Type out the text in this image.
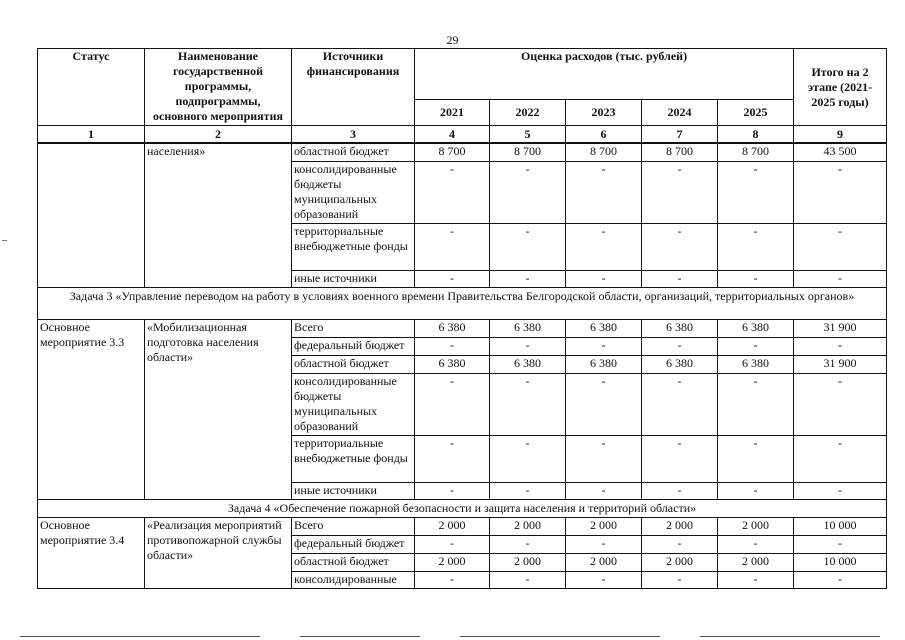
29
Статус	Наименование государственной программы, подпрограммы, основного мероприятия	Источники финансирования	Оценка расходов (тыс. рублей)					Итого на 2 этапе (2021-2025 годы)
			2021	2022	2023	2024	2025	
1	2	3	4	5	6	7	8	9
	населения»	областной бюджет	8 700	8 700	8 700	8 700	8 700	43 500
		консолидированные бюджеты муниципальных образований	-	-	-	-	-	-
		территориальные внебюджетные фонды	-	-	-	-	-	-
		иные источники	-	-	-	-	-	-
Задача 3 «Управление переводом на работу в условиях военного времени Правительства Белгородской области, организаций, территориальных органов»								
Основное мероприятие 3.3	«Мобилизационная подготовка населения области»	Всего	6 380	6 380	6 380	6 380	6 380	31 900
		федеральный бюджет	-	-	-	-	-	-
		областной бюджет	6 380	6 380	6 380	6 380	6 380	31 900
		консолидированные бюджеты муниципальных образований	-	-	-	-	-	-
		территориальные внебюджетные фонды	-	-	-	-	-	-
		иные источники	-	-	-	-	-	-
Задача 4 «Обеспечение пожарной безопасности и защита населения и территорий области»								
Основное мероприятие 3.4	«Реализация мероприятий противопожарной службы области»	Всего	2 000	2 000	2 000	2 000	2 000	10 000
		федеральный бюджет	-	-	-	-	-	-
		областной бюджет	2 000	2 000	2 000	2 000	2 000	10 000
		консолидированные	-	-	-	-	-	-
